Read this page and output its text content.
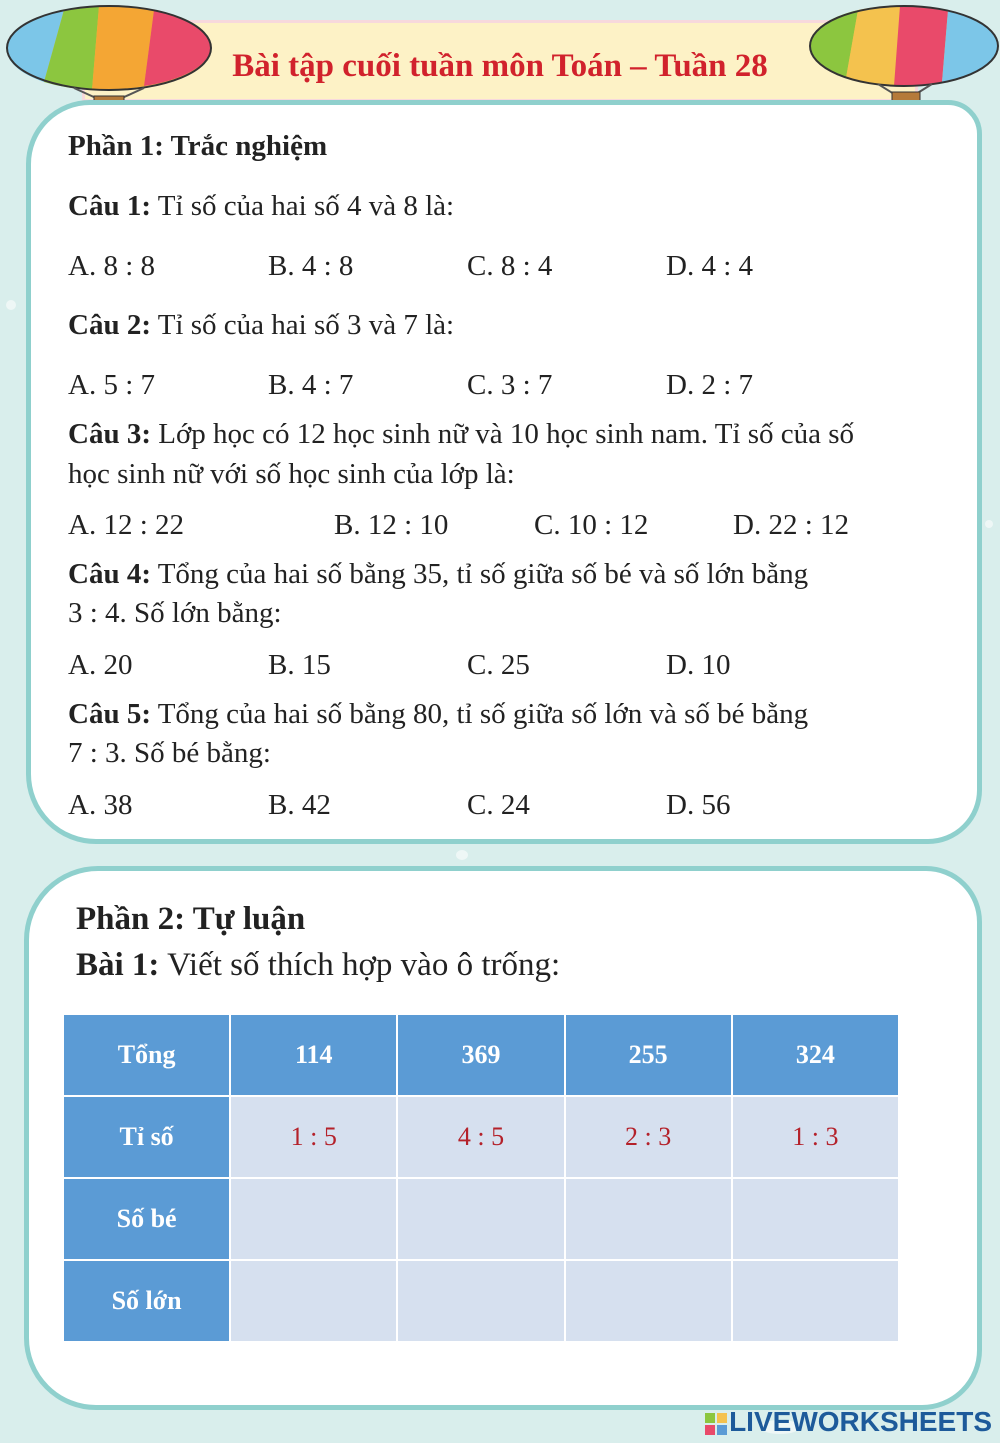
Bài tập cuối tuần môn Toán – Tuần 28
Phần 1: Trắc nghiệm
Câu 1: Tỉ số của hai số 4 và 8 là:
A. 8 : 8	B. 4 : 8	C. 8 : 4	D. 4 : 4
Câu 2: Tỉ số của hai số 3 và 7 là:
A. 5 : 7	B. 4 : 7	C. 3 : 7	D. 2 : 7
Câu 3: Lớp học có 12 học sinh nữ và 10 học sinh nam. Tỉ số của số
học sinh nữ với số học sinh của lớp là:
A. 12 : 22	B. 12 : 10	C. 10 : 12	D. 22 : 12
Câu 4: Tổng của hai số bằng 35, tỉ số giữa số bé và số lớn bằng
3 : 4. Số lớn bằng:
A. 20	B. 15	C. 25	D. 10
Câu 5: Tổng của hai số bằng 80, tỉ số giữa số lớn và số bé bằng
7 : 3. Số bé bằng:
A. 38	B. 42	C. 24	D. 56
Phần 2: Tự luận
Bài 1: Viết số thích hợp vào ô trống:
Tổng	114	369	255	324
Tỉ số	1 : 5	4 : 5	2 : 3	1 : 3
Số bé				
Số lớn				
LIVEWORKSHEETS
